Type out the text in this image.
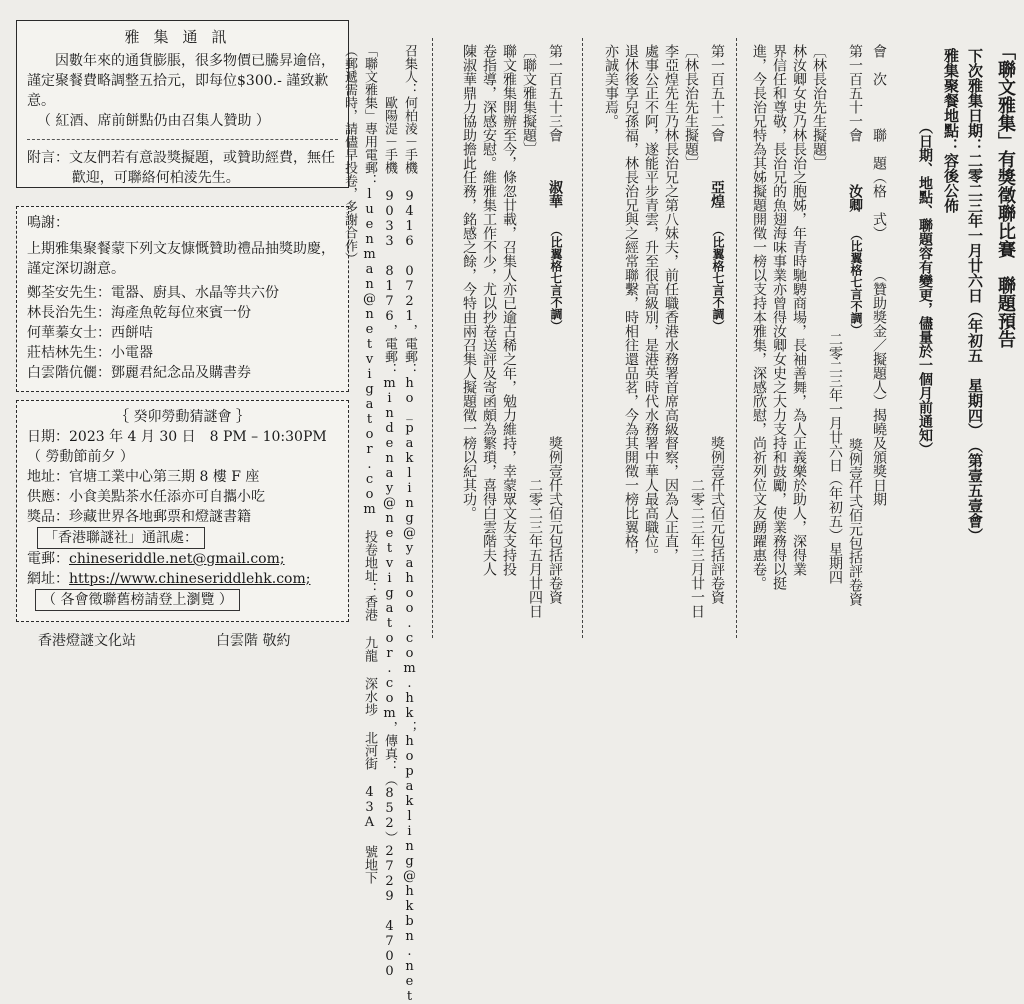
雅集通訊

因數年來的通貨膨脹，很多物價已騰昇逾倍，謹定聚餐費略調整五拾元，即每位$300.- 謹致歉意。

（ 紅酒、席前餅點仍由召集人贊助 ）

附言：文友們若有意設獎擬題，或贊助經費，無任歡迎，可聯絡何柏淩先生。

鳴謝：

上期雅集聚餐蒙下列文友慷慨贊助禮品抽獎助慶，謹定深切謝意。

鄭荃安先生：電器、廚具、水晶等共六份

林長治先生：海產魚乾每位來賓一份

何華蓁女士：西餅咭

莊桔林先生：小電器

白雲階伉儷：鄧麗君紀念品及購書券

｛ 癸卯勞動猜謎會 ｝

日期：2023 年 4 月 30 日　8 PM – 10:30PM

（ 勞動節前夕 ）

地址：官塘工業中心第三期 8 樓 F 座

供應：小食美點茶水任添亦可自攜小吃

獎品：珍藏世界各地郵票和燈謎書籍

「香港聯謎社」通訊處：

電郵：chineseriddle.net@gmail.com;

網址：https://www.chineseriddlehk.com;

（ 各會徵聯舊榜請登上瀏覽 ）

香港燈謎文化站	白雲階 敬約
「聯文雅集」有獎徵聯比賽　聯題預告
下次雅集日期：二零二三年一月廿六日（年初五　星期四）　（第壹五壹會）
雅集聚餐地點：容後公佈
（日期、地點、聯題容有變更，儘量於一個月前通知）
會　次　　　聯　題（格　式）　　　（贊助獎金／擬題人）揭曉及頒獎日期
第一百五十一會
汝卿
（比翼格七言不調）
獎例壹仟弍佰元包括評卷資
二零二三年一月廿六日（年初五）星期四
〔林長治先生擬題〕
林汝卿女史乃林長治之胞姊，年青時馳騁商場，長袖善舞，為人正義樂於助人，深得業
界信任和尊敬，長治兄的魚翅海味事業亦曾得汝卿女史之大力支持和鼓勵，使業務得以挺
進，今長治兄特為其姊擬題開徵一榜以支持本雅集，深感欣慰，尚祈列位文友踴躍惠卷。
第一百五十二會
亞煌
（比翼格七言不調）
獎例壹仟弍佰元包括評卷資
二零二三年三月廿一日
〔林長治先生擬題〕
李亞煌先生乃林長治兄之第八妹夫，前任職香港水務署首席高級督察，因為人正直，
處事公正不阿，遂能平步青雲，升至很高級別，是港英時代水務署中華人最高職位。
退休後享兒孫福，林長治兄與之經常聯繫，時相往還品茗，今為其開徵一榜比翼格，
亦誠美事焉。
第一百五十三會
淑華
（比翼格七言不調）
獎例壹仟弍佰元包括評卷資
二零二三年五月廿四日
〔聯文雅集擬題〕
聯文雅集開辦至今，條忽廿載，召集人亦已逾古稀之年，勉力維持，幸蒙眾文友支持投
卷指導，深感安慰。維雅集工作不少，尤以抄卷送評及寄函頗為繁瑣，喜得白雲階夫人
陳淑華鼎力協助擔此任務，銘感之餘，今特由兩召集人擬題徵一榜以紀其功。
召集人：何柏淩－手機 9416 0721，電郵：ho_pakling@yahoo.com.hk；hopakling@hkbn.net
　　　　歐陽湜－手機 9033 8176，電郵：mindenay@netvigator.com，傳真：（852）2729 4700
「聯文雅集」專用電郵：luenman@netvigator.com　投卷地址：香港 九龍 深水埗 北河街 43A 號地下
（郵遞需時，請儘早投卷，多謝合作）
